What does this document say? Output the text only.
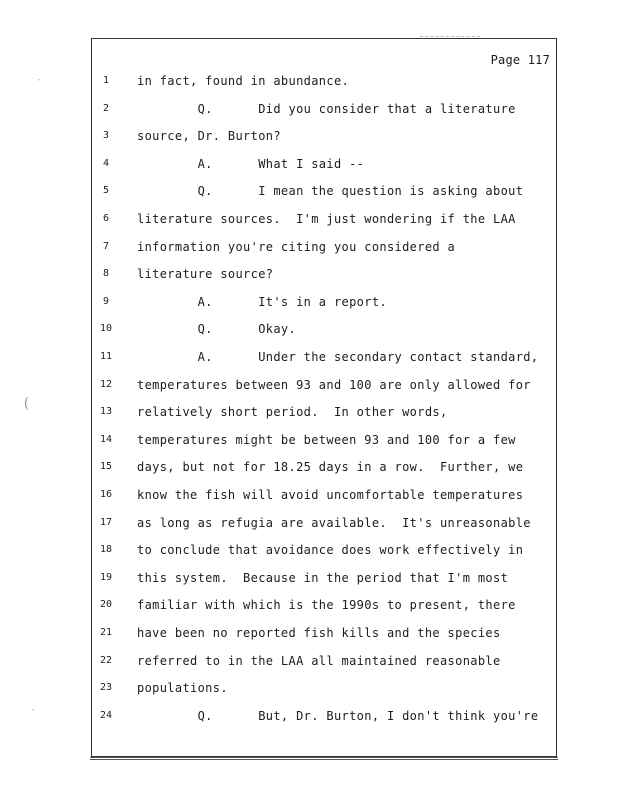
Page 117
1	in fact, found in abundance.
2	Q.      Did you consider that a literature
3	source, Dr. Burton?
4	A.      What I said --
5	Q.      I mean the question is asking about
6	literature sources.  I'm just wondering if the LAA
7	information you're citing you considered a
8	literature source?
9	A.      It's in a report.
10	Q.      Okay.
11	A.      Under the secondary contact standard,
12	temperatures between 93 and 100 are only allowed for
13	relatively short period.  In other words,
14	temperatures might be between 93 and 100 for a few
15	days, but not for 18.25 days in a row.  Further, we
16	know the fish will avoid uncomfortable temperatures
17	as long as refugia are available.  It's unreasonable
18	to conclude that avoidance does work effectively in
19	this system.  Because in the period that I'm most
20	familiar with which is the 1990s to present, there
21	have been no reported fish kills and the species
22	referred to in the LAA all maintained reasonable
23	populations.
24	Q.      But, Dr. Burton, I don't think you're
′
(
′
